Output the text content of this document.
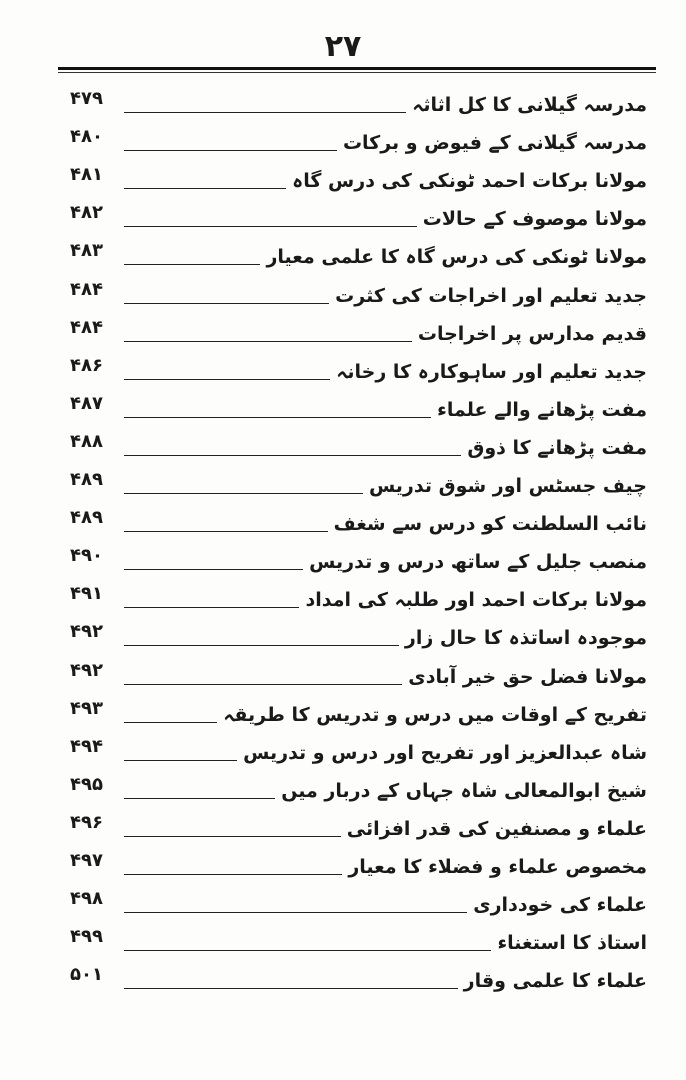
۲۷
مدرسہ گیلانی کا کل اثاثہ
۴۷۹
مدرسہ گیلانی کے فیوض و برکات
۴۸۰
مولانا برکات احمد ٹونکی کی درس گاہ
۴۸۱
مولانا موصوف کے حالات
۴۸۲
مولانا ٹونکی کی درس گاہ کا علمی معیار
۴۸۳
جدید تعلیم اور اخراجات کی کثرت
۴۸۴
قدیم مدارس پر اخراجات
۴۸۴
جدید تعلیم اور ساہوکارہ کا رخانہ
۴۸۶
مفت پڑھانے والے علماء
۴۸۷
مفت پڑھانے کا ذوق
۴۸۸
چیف جسٹس اور شوق تدریس
۴۸۹
نائب السلطنت کو درس سے شغف
۴۸۹
منصب جلیل کے ساتھ درس و تدریس
۴۹۰
مولانا برکات احمد اور طلبہ کی امداد
۴۹۱
موجودہ اساتذہ کا حال زار
۴۹۲
مولانا فضل حق خیر آبادی
۴۹۲
تفریح کے اوقات میں درس و تدریس کا طریقہ
۴۹۳
شاہ عبدالعزیز اور تفریح اور درس و تدریس
۴۹۴
شیخ ابوالمعالی شاہ جہاں کے دربار میں
۴۹۵
علماء و مصنفین کی قدر افزائی
۴۹۶
مخصوص علماء و فضلاء کا معیار
۴۹۷
علماء کی خودداری
۴۹۸
استاذ کا استغناء
۴۹۹
علماء کا علمی وقار
۵۰۱
